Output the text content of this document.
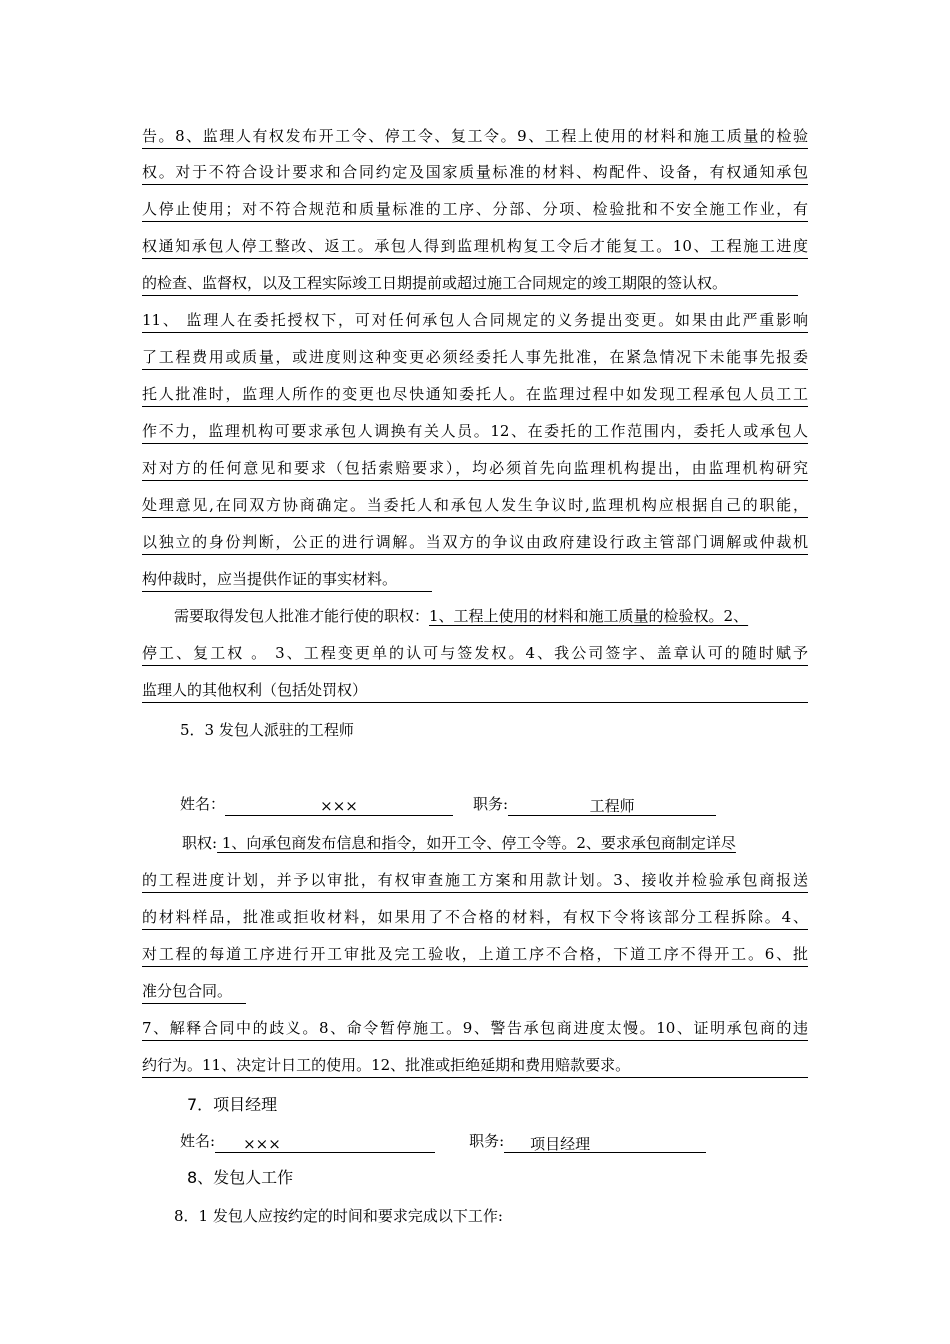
告。8、监理人有权发布开工令、停工令、复工令。9、工程上使用的材料和施工质量的检验
权。对于不符合设计要求和合同约定及国家质量标准的材料、构配件、设备，有权通知承包
人停止使用；对不符合规范和质量标准的工序、分部、分项、检验批和不安全施工作业，有
权通知承包人停工整改、返工。承包人得到监理机构复工令后才能复工。10、工程施工进度
的检查、监督权，以及工程实际竣工日期提前或超过施工合同规定的竣工期限的签认权。
11、 监理人在委托授权下，可对任何承包人合同规定的义务提出变更。如果由此严重影响
了工程费用或质量，或进度则这种变更必须经委托人事先批准，在紧急情况下未能事先报委
托人批准时，监理人所作的变更也尽快通知委托人。在监理过程中如发现工程承包人员工工
作不力，监理机构可要求承包人调换有关人员。12、在委托的工作范围内，委托人或承包人
对对方的任何意见和要求（包括索赔要求），均必须首先向监理机构提出，由监理机构研究
处理意见,在同双方协商确定。当委托人和承包人发生争议时,监理机构应根据自己的职能，
以独立的身份判断，公正的进行调解。当双方的争议由政府建设行政主管部门调解或仲裁机
构仲裁时，应当提供作证的事实材料。
需要取得发包人批准才能行使的职权：1、工程上使用的材料和施工质量的检验权。2、
停工、复工权 。 3、工程变更单的认可与签发权。4、我公司签字、盖章认可的随时赋予
监理人的其他权利（包括处罚权）
5．3 发包人派驻的工程师
姓名：	×××	职务:	工程师
职权: 1、向承包商发布信息和指令，如开工令、停工令等。2、要求承包商制定详尽
的工程进度计划，并予以审批，有权审查施工方案和用款计划。3、接收并检验承包商报送
的材料样品，批准或拒收材料，如果用了不合格的材料，有权下令将该部分工程拆除。4、
对工程的每道工序进行开工审批及完工验收，上道工序不合格，下道工序不得开工。6、批
准分包合同。
7、解释合同中的歧义。8、命令暂停施工。9、警告承包商进度太慢。10、证明承包商的违
约行为。11、决定计日工的使用。12、批准或拒绝延期和费用赔款要求。
7．项目经理
姓名: ×××	职务: 项目经理
8、发包人工作
8．1 发包人应按约定的时间和要求完成以下工作:
